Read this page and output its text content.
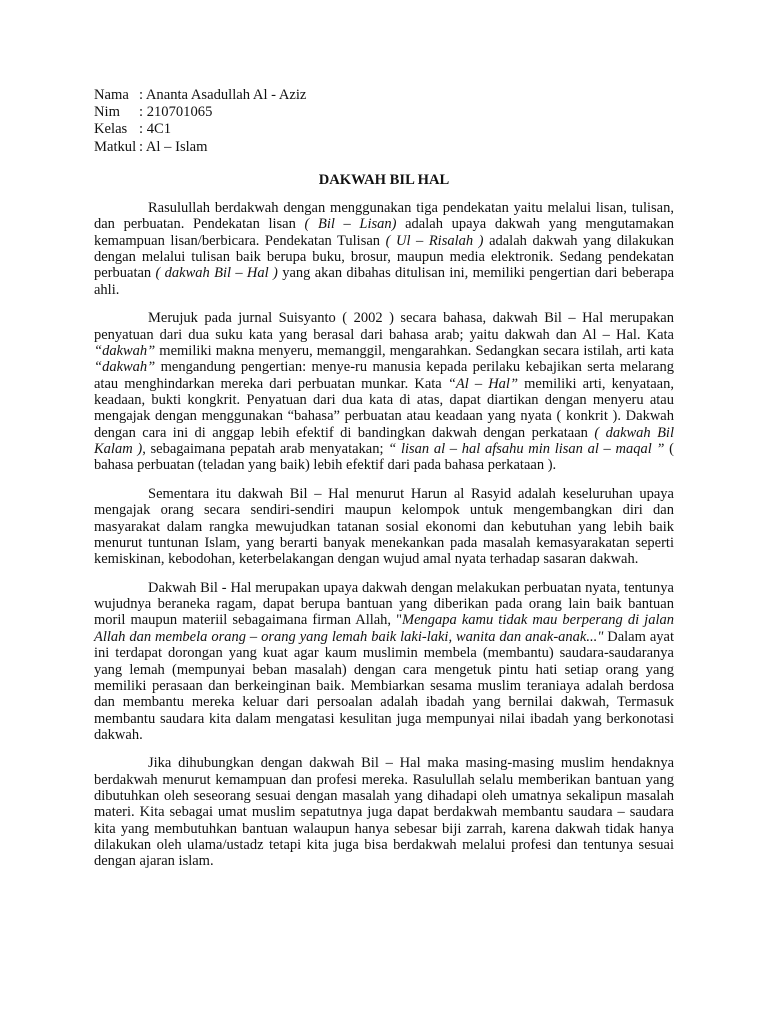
Nama : Ananta Asadullah Al - Aziz
Nim	: 210701065
Kelas : 4C1
Matkul : Al – Islam
DAKWAH BIL HAL

Rasulullah berdakwah dengan menggunakan tiga pendekatan yaitu melalui lisan, tulisan, dan perbuatan. Pendekatan lisan ( Bil – Lisan) adalah upaya dakwah yang mengutamakan kemampuan lisan/berbicara. Pendekatan Tulisan ( Ul – Risalah ) adalah dakwah yang dilakukan dengan melalui tulisan baik berupa buku, brosur, maupun media elektronik. Sedang pendekatan perbuatan ( dakwah Bil – Hal ) yang akan dibahas ditulisan ini, memiliki pengertian dari beberapa ahli.

Merujuk pada jurnal Suisyanto ( 2002 ) secara bahasa, dakwah Bil – Hal merupakan penyatuan dari dua suku kata yang berasal dari bahasa arab; yaitu dakwah dan Al – Hal. Kata “dakwah” memiliki makna menyeru, memanggil, mengarahkan. Sedangkan secara istilah, arti kata “dakwah” mengandung pengertian: menye-ru manusia kepada perilaku kebajikan serta melarang atau menghindarkan mereka dari perbuatan munkar. Kata “Al – Hal” memiliki arti, kenyataan, keadaan, bukti kongkrit. Penyatuan dari dua kata di atas, dapat diartikan dengan menyeru atau mengajak dengan menggunakan “bahasa” perbuatan atau keadaan yang nyata ( konkrit ). Dakwah dengan cara ini di anggap lebih efektif di bandingkan dakwah dengan perkataan ( dakwah Bil Kalam ), sebagaimana pepatah arab menyatakan; “ lisan al – hal afsahu min lisan al – maqal ” ( bahasa perbuatan (teladan yang baik) lebih efektif dari pada bahasa perkataan ).

Sementara itu dakwah Bil – Hal menurut Harun al Rasyid adalah keseluruhan upaya mengajak orang secara sendiri-sendiri maupun kelompok untuk mengembangkan diri dan masyarakat dalam rangka mewujudkan tatanan sosial ekonomi dan kebutuhan yang lebih baik menurut tuntunan Islam, yang berarti banyak menekankan pada masalah kemasyarakatan seperti kemiskinan, kebodohan, keterbelakangan dengan wujud amal nyata terhadap sasaran dakwah.

Dakwah Bil - Hal merupakan upaya dakwah dengan melakukan perbuatan nyata, tentunya wujudnya beraneka ragam, dapat berupa bantuan yang diberikan pada orang lain baik bantuan moril maupun materiil sebagaimana firman Allah, "Mengapa kamu tidak mau berperang di jalan Allah dan membela orang – orang yang lemah baik laki-laki, wanita dan anak-anak..." Dalam ayat ini terdapat dorongan yang kuat agar kaum muslimin membela (membantu) saudara-saudaranya yang lemah (mempunyai beban masalah) dengan cara mengetuk pintu hati setiap orang yang memiliki perasaan dan berkeinginan baik. Membiarkan sesama muslim teraniaya adalah berdosa dan membantu mereka keluar dari persoalan adalah ibadah yang bernilai dakwah, Termasuk membantu saudara kita dalam mengatasi kesulitan juga mempunyai nilai ibadah yang berkonotasi dakwah.

Jika dihubungkan dengan dakwah Bil – Hal maka masing-masing muslim hendaknya berdakwah menurut kemampuan dan profesi mereka. Rasulullah selalu memberikan bantuan yang dibutuhkan oleh seseorang sesuai dengan masalah yang dihadapi oleh umatnya sekalipun masalah materi. Kita sebagai umat muslim sepatutnya juga dapat berdakwah membantu saudara – saudara kita yang membutuhkan bantuan walaupun hanya sebesar biji zarrah, karena dakwah tidak hanya dilakukan oleh ulama/ustadz tetapi kita juga bisa berdakwah melalui profesi dan tentunya sesuai dengan ajaran islam.
